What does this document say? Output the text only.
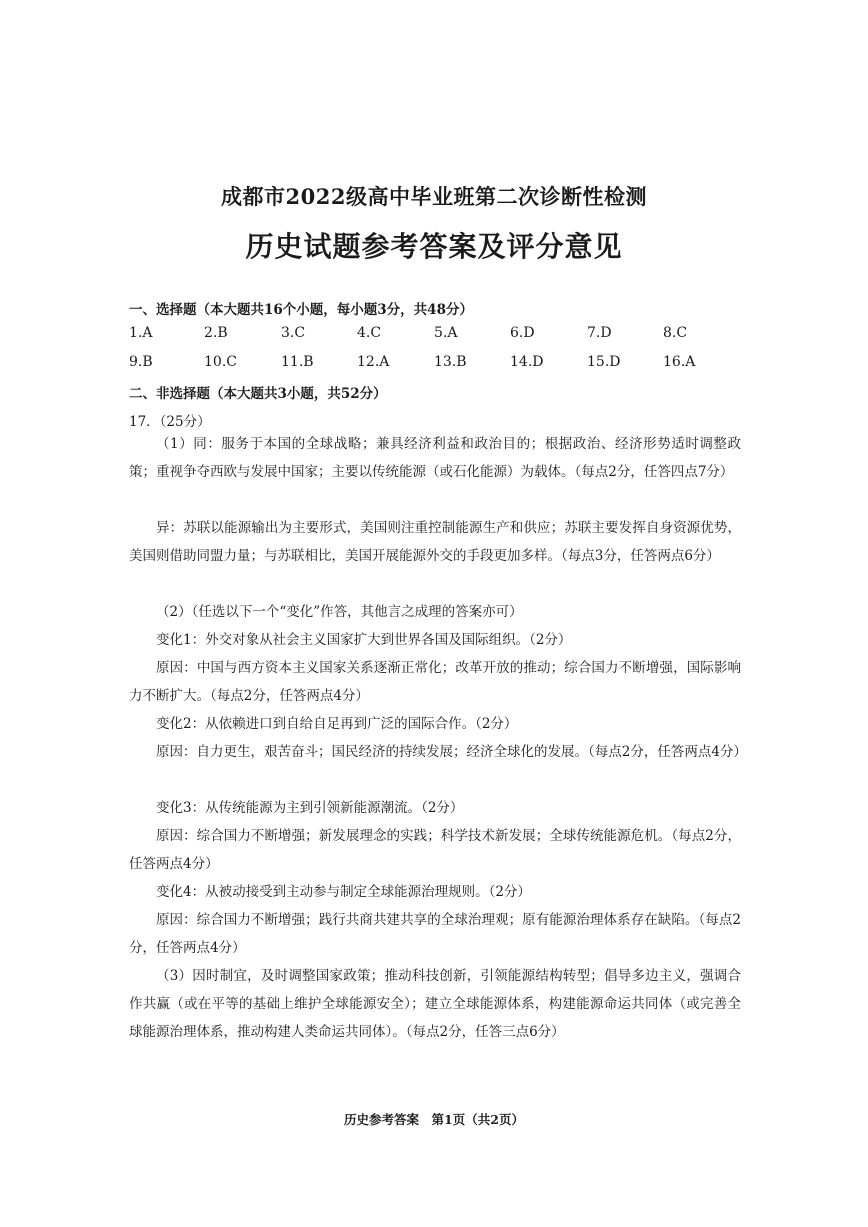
成都市2022级高中毕业班第二次诊断性检测
历史试题参考答案及评分意见
一、选择题（本大题共16个小题，每小题3分，共48分）
1.A	2.B	3.C	4.C	5.A	6.D	7.D	8.C
9.B	10.C	11.B	12.A	13.B	14.D	15.D	16.A
二、非选择题（本大题共3小题，共52分）
17．（25分）

（1）同：服务于本国的全球战略；兼具经济利益和政治目的；根据政治、经济形势适时调整政策；重视争夺西欧与发展中国家；主要以传统能源（或石化能源）为载体。（每点2分，任答四点7分）

异：苏联以能源输出为主要形式，美国则注重控制能源生产和供应；苏联主要发挥自身资源优势，美国则借助同盟力量；与苏联相比，美国开展能源外交的手段更加多样。（每点3分，任答两点6分）

（2）（任选以下一个“变化”作答，其他言之成理的答案亦可）

变化1：外交对象从社会主义国家扩大到世界各国及国际组织。（2分）

原因：中国与西方资本主义国家关系逐渐正常化；改革开放的推动；综合国力不断增强，国际影响力不断扩大。（每点2分，任答两点4分）

变化2：从依赖进口到自给自足再到广泛的国际合作。（2分）

原因：自力更生，艰苦奋斗；国民经济的持续发展；经济全球化的发展。（每点2分，任答两点4分）

变化3：从传统能源为主到引领新能源潮流。（2分）

原因：综合国力不断增强；新发展理念的实践；科学技术新发展；全球传统能源危机。（每点2分，任答两点4分）

变化4：从被动接受到主动参与制定全球能源治理规则。（2分）

原因：综合国力不断增强；践行共商共建共享的全球治理观；原有能源治理体系存在缺陷。（每点2分，任答两点4分）

（3）因时制宜，及时调整国家政策；推动科技创新，引领能源结构转型；倡导多边主义，强调合作共赢（或在平等的基础上维护全球能源安全）；建立全球能源体系，构建能源命运共同体（或完善全球能源治理体系，推动构建人类命运共同体）。（每点2分，任答三点6分）

历史参考答案　第1页（共2页）
